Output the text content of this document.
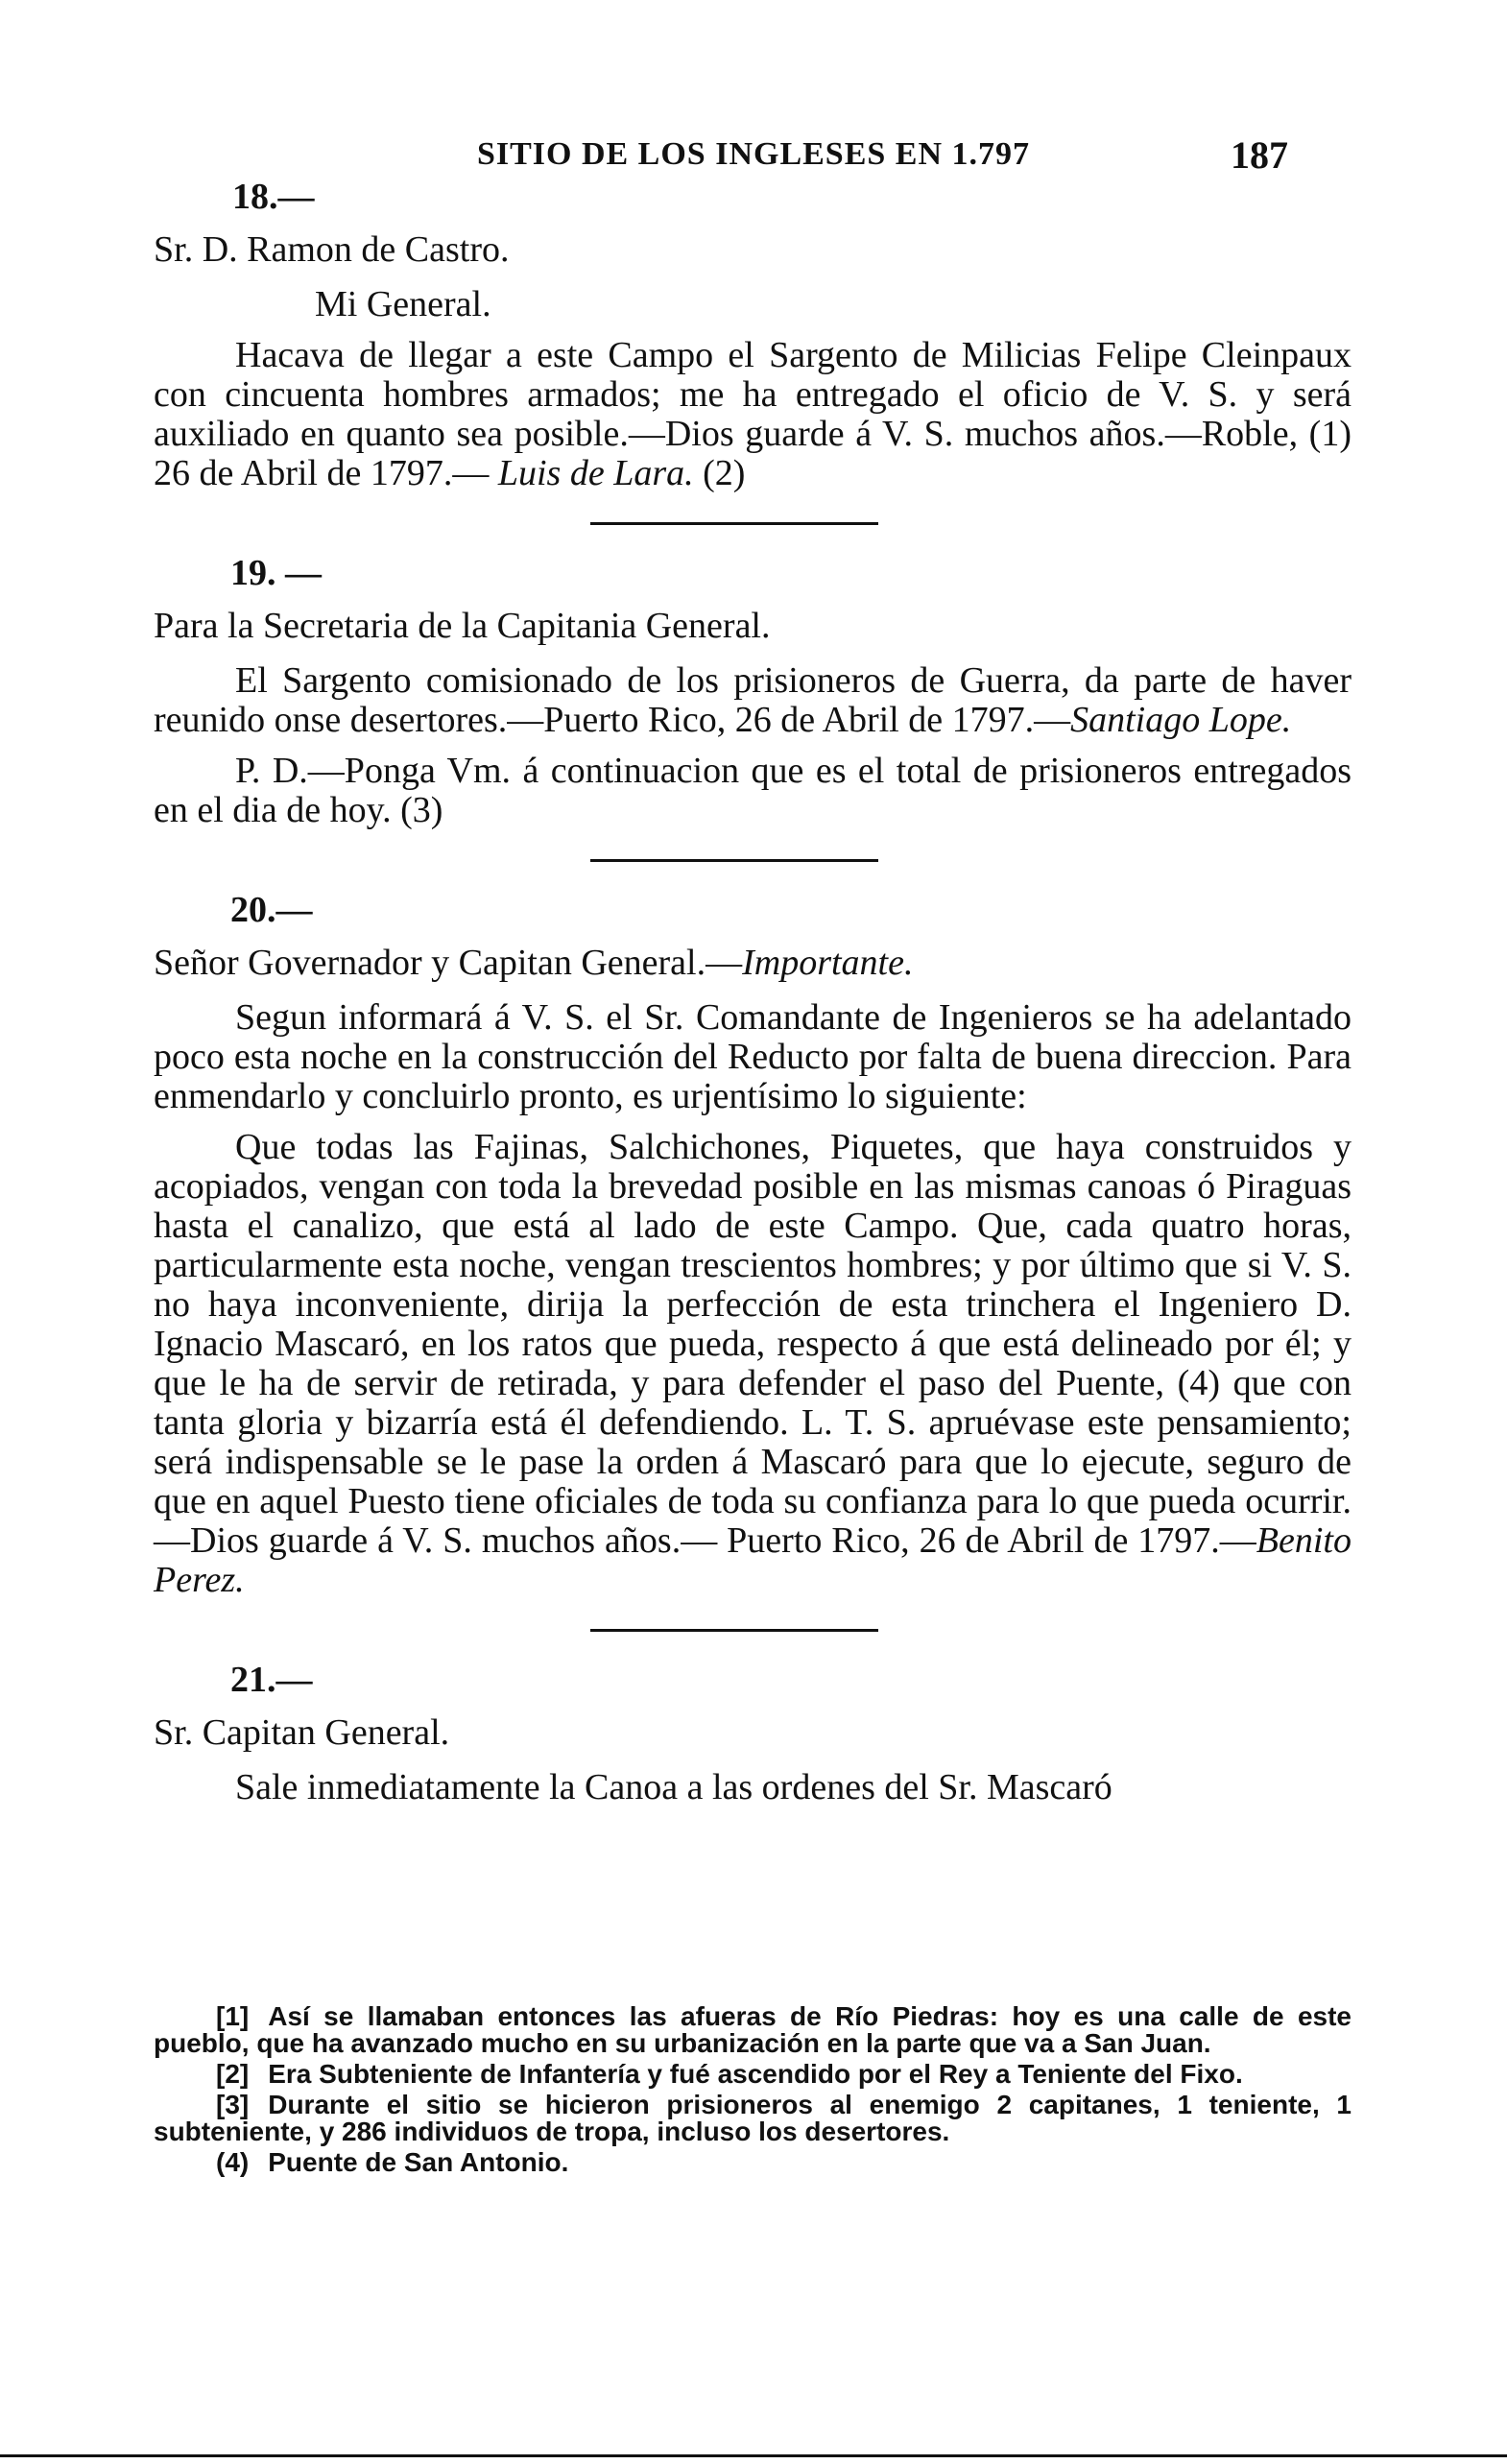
SITIO DE LOS INGLESES EN 1.797	187
18.—
Sr. D. Ramon de Castro.
Mi General.

Hacava de llegar a este Campo el Sargento de Milicias Felipe Cleinpaux con cincuenta hombres armados; me ha entregado el oficio de V. S. y será auxiliado en quanto sea posible.—Dios guarde á V. S. muchos años.—Roble, (1) 26 de Abril de 1797.— Luis de Lara. (2)

19. —
Para la Secretaria de la Capitania General.

El Sargento comisionado de los prisioneros de Guerra, da parte de haver reunido onse desertores.—Puerto Rico, 26 de Abril de 1797.—Santiago Lope.

P. D.—Ponga Vm. á continuacion que es el total de prisioneros entregados en el dia de hoy. (3)

20.—
Señor Governador y Capitan General.—Importante.

Segun informará á V. S. el Sr. Comandante de Ingenieros se ha adelantado poco esta noche en la construcción del Reducto por falta de buena direccion. Para enmendarlo y concluirlo pronto, es urjentísimo lo siguiente:

Que todas las Fajinas, Salchichones, Piquetes, que haya construidos y acopiados, vengan con toda la brevedad posible en las mismas canoas ó Piraguas hasta el canalizo, que está al lado de este Campo. Que, cada quatro horas, particularmente esta noche, vengan trescientos hombres; y por último que si V. S. no haya inconveniente, dirija la perfección de esta trinchera el Ingeniero D. Ignacio Mascaró, en los ratos que pueda, respecto á que está delineado por él; y que le ha de servir de retirada, y para defender el paso del Puente, (4) que con tanta gloria y bizarría está él defendiendo. L. T. S. apruévase este pensamiento; será indispensable se le pase la orden á Mascaró para que lo ejecute, seguro de que en aquel Puesto tiene oficiales de toda su confianza para lo que pueda ocurrir.—Dios guarde á V. S. muchos años.— Puerto Rico, 26 de Abril de 1797.—Benito Perez.

21.—
Sr. Capitan General.

Sale inmediatamente la Canoa a las ordenes del Sr. Mascaró

[1] Así se llamaban entonces las afueras de Río Piedras: hoy es una calle de este pueblo, que ha avanzado mucho en su urbanización en la parte que va a San Juan.

[2] Era Subteniente de Infantería y fué ascendido por el Rey a Teniente del Fixo.

[3] Durante el sitio se hicieron prisioneros al enemigo 2 capitanes, 1 teniente, 1 subteniente, y 286 individuos de tropa, incluso los desertores.

(4) Puente de San Antonio.
